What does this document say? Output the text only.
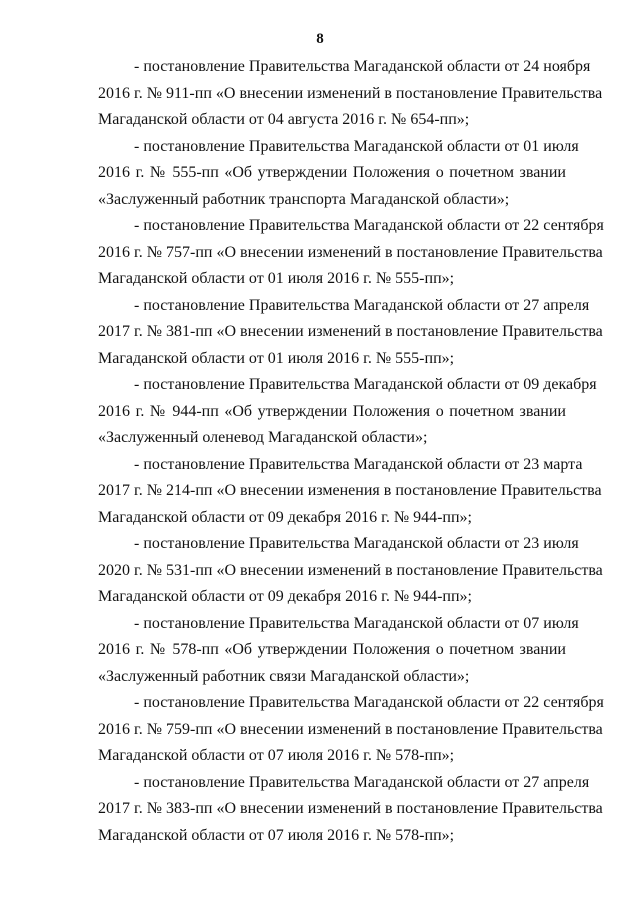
8

- постановление Правительства Магаданской области от 24 ноября
2016 г. № 911-пп «О внесении изменений в постановление Правительства
Магаданской области от 04 августа 2016 г. № 654-пп»;

- постановление Правительства Магаданской области от 01 июля
2016 г. № 555-пп «Об утверждении Положения о почетном звании
«Заслуженный работник транспорта Магаданской области»;

- постановление Правительства Магаданской области от 22 сентября
2016 г. № 757-пп «О внесении изменений в постановление Правительства
Магаданской области от 01 июля 2016 г. № 555-пп»;

- постановление Правительства Магаданской области от 27 апреля
2017 г. № 381-пп «О внесении изменений в постановление Правительства
Магаданской области от 01 июля 2016 г. № 555-пп»;

- постановление Правительства Магаданской области от 09 декабря
2016 г. № 944-пп «Об утверждении Положения о почетном звании
«Заслуженный оленевод Магаданской области»;

- постановление Правительства Магаданской области от 23 марта
2017 г. № 214-пп «О внесении изменения в постановление Правительства
Магаданской области от 09 декабря 2016 г. № 944-пп»;

- постановление Правительства Магаданской области от 23 июля
2020 г. № 531-пп «О внесении изменений в постановление Правительства
Магаданской области от 09 декабря 2016 г. № 944-пп»;

- постановление Правительства Магаданской области от 07 июля
2016 г. № 578-пп «Об утверждении Положения о почетном звании
«Заслуженный работник связи Магаданской области»;

- постановление Правительства Магаданской области от 22 сентября
2016 г. № 759-пп «О внесении изменений в постановление Правительства
Магаданской области от 07 июля 2016 г. № 578-пп»;

- постановление Правительства Магаданской области от 27 апреля
2017 г. № 383-пп «О внесении изменений в постановление Правительства
Магаданской области от 07 июля 2016 г. № 578-пп»;
